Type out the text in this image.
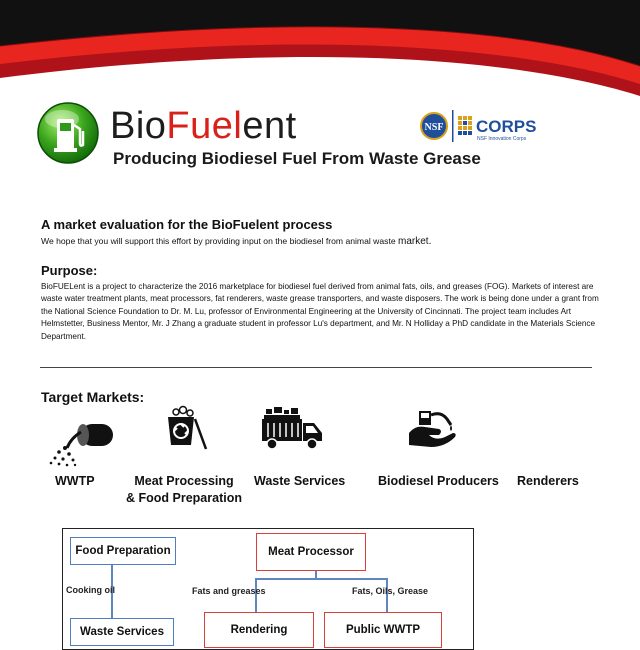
BioFuelent	NSF CORPS
NSF Innovation Corps
Producing Biodiesel Fuel From Waste Grease
A market evaluation for the BioFuelent process
We hope that you will support this effort by providing input on the biodiesel from animal waste market.
Purpose:

BioFUELent is a project to characterize the 2016 marketplace for biodiesel fuel derived from animal fats, oils, and greases (FOG). Markets of interest are waste water treatment plants, meat processors, fat renderers, waste grease transporters, and waste disposers. The work is being done under a grant from the National Science Foundation to Dr. M. Lu, professor of Environmental Engineering at the University of Cincinnati. The project team includes Art Helmstetter, Business Mentor, Mr. J Zhang a graduate student in professor Lu's department, and Mr. N Holliday a PhD candidate in the Materials Science Department.

Target Markets:
WWTP	Meat Processing
& Food Preparation
Waste Services	Biodiesel Producers Renderers
Food Preparation	Meat Processor
Waste Services	Rendering	Public WWTP
Cooking oil	Fats and greases	Fats, Oils, Grease
